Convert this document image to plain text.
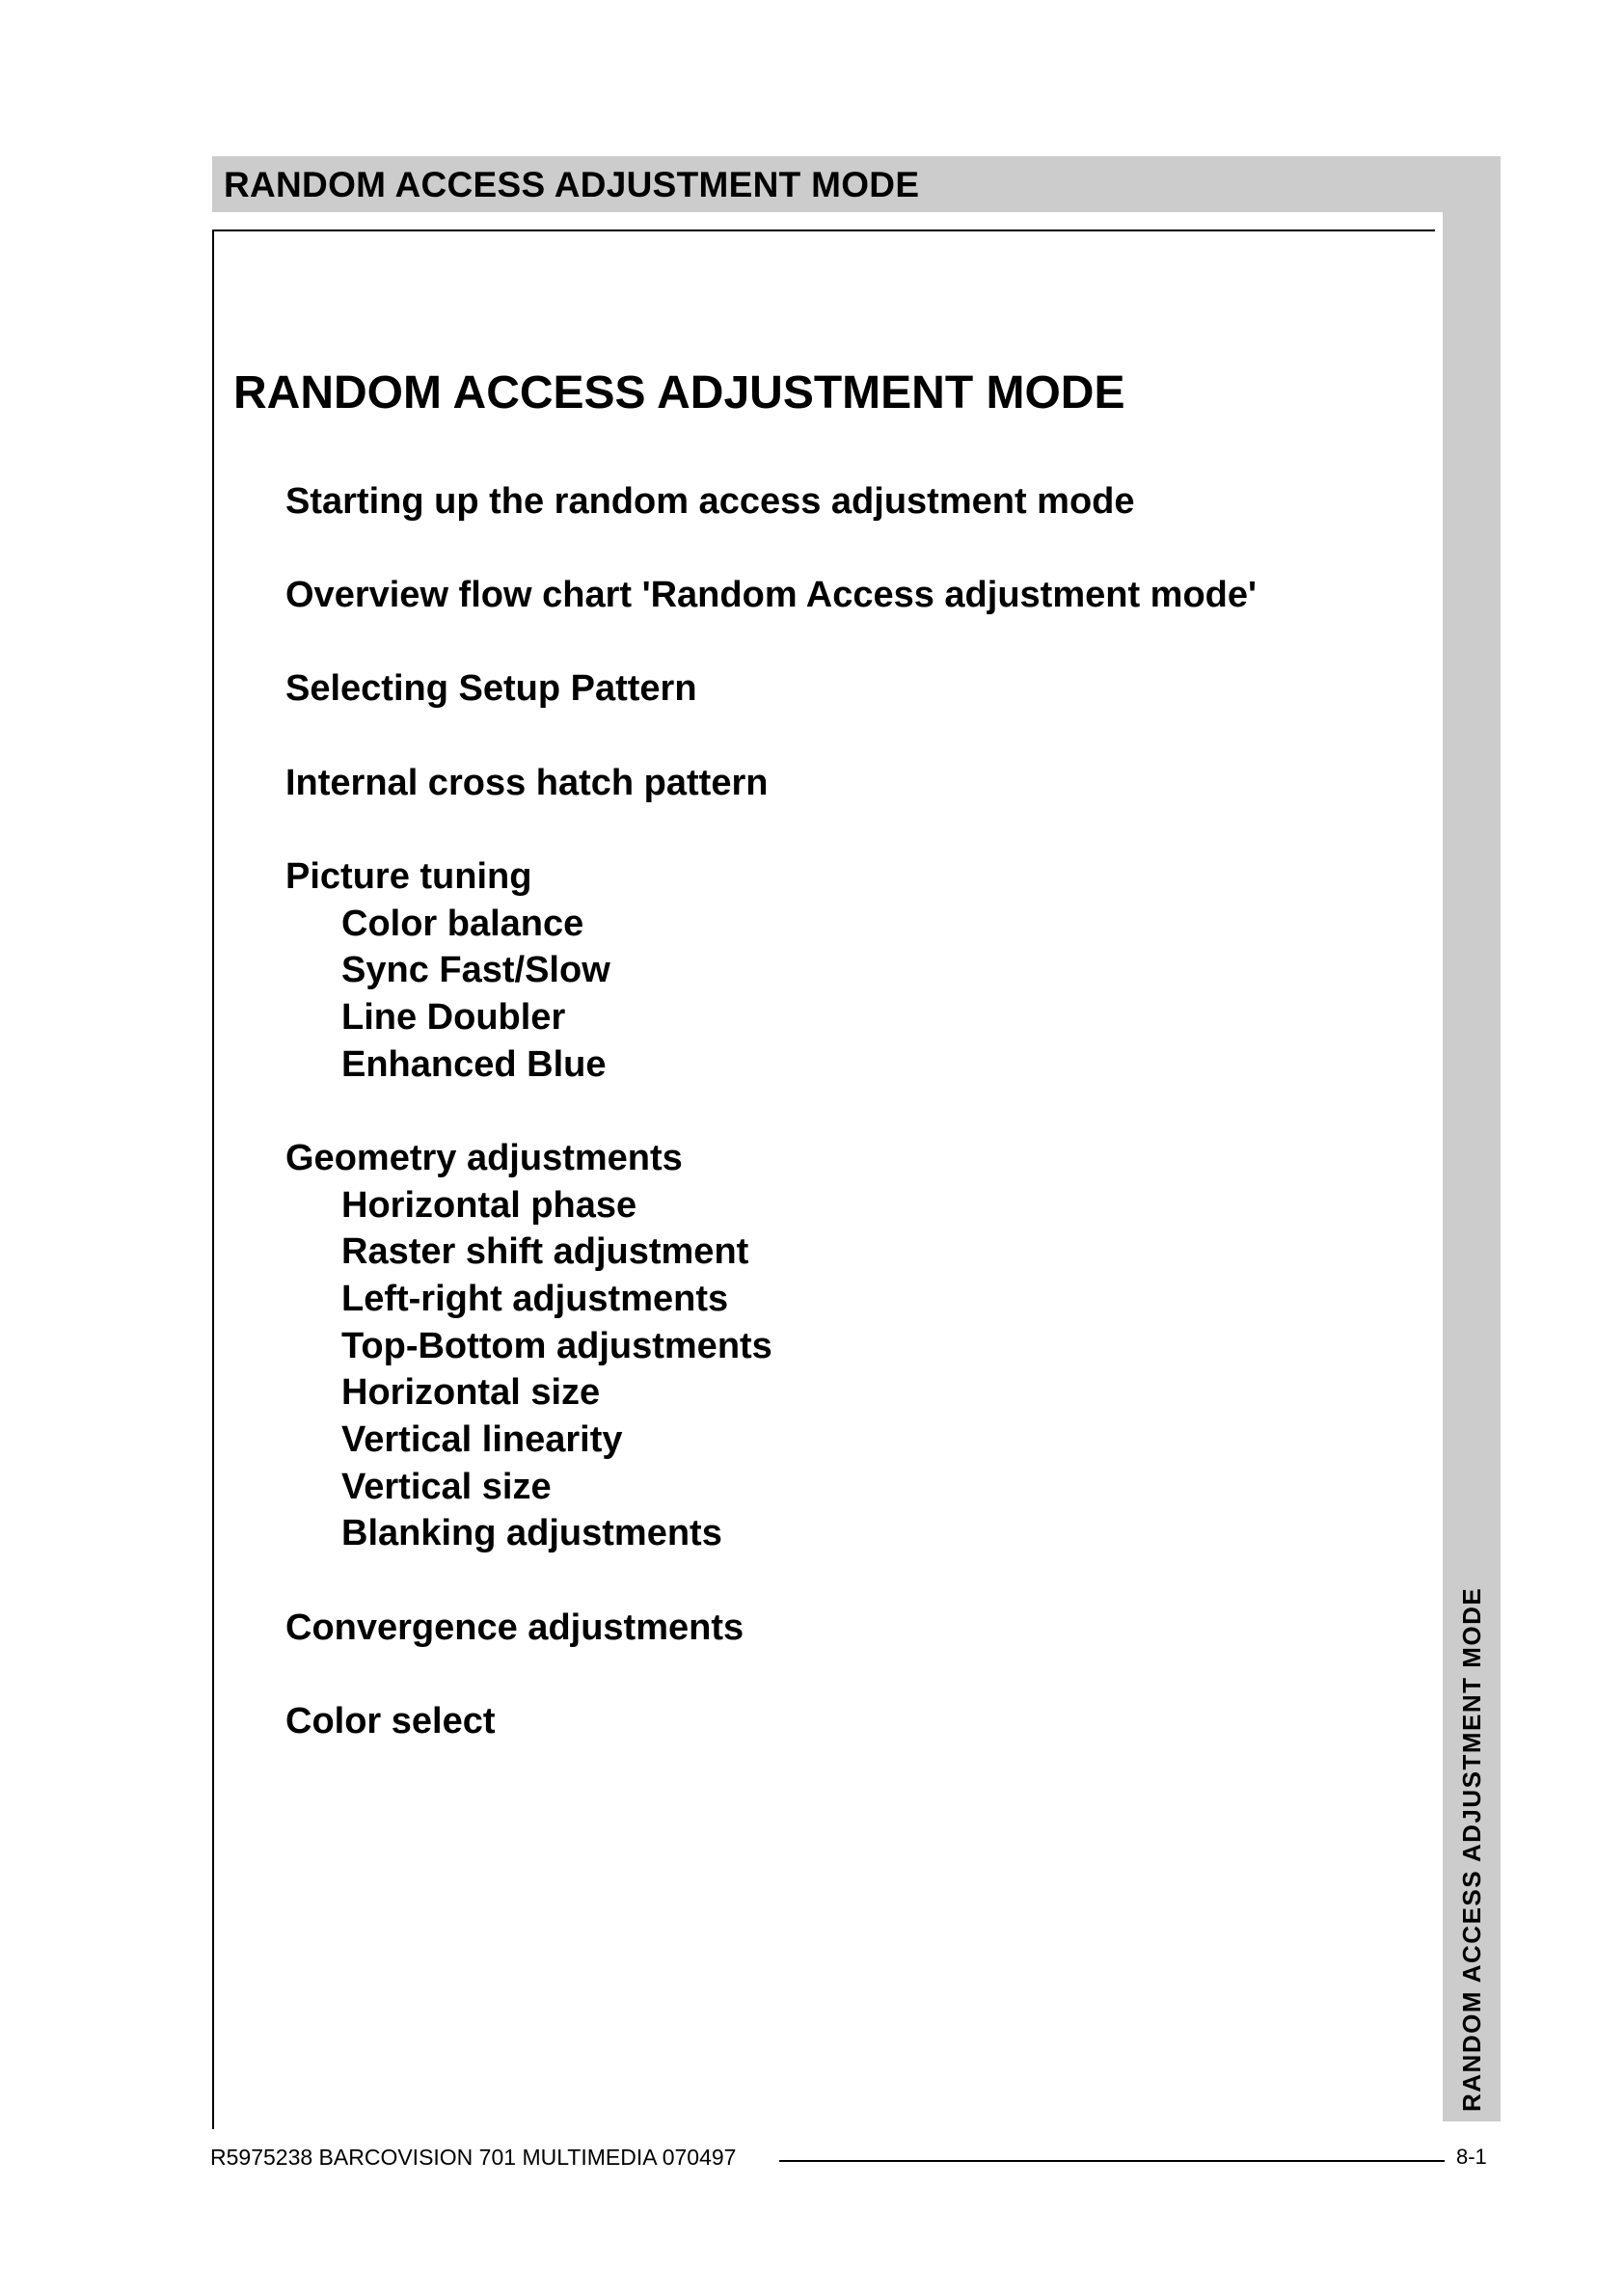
RANDOM ACCESS ADJUSTMENT MODE
RANDOM ACCESS ADJUSTMENT MODE
RANDOM ACCESS ADJUSTMENT MODE
Starting up the random access adjustment mode
Overview flow chart 'Random Access adjustment mode'
Selecting Setup Pattern
Internal cross hatch pattern
Picture tuning
Color balance
Sync Fast/Slow
Line Doubler
Enhanced Blue
Geometry adjustments
Horizontal phase
Raster shift adjustment
Left-right adjustments
Top-Bottom adjustments
Horizontal size
Vertical linearity
Vertical size
Blanking adjustments
Convergence adjustments
Color select
R5975238 BARCOVISION 701 MULTIMEDIA 070497	8-1
